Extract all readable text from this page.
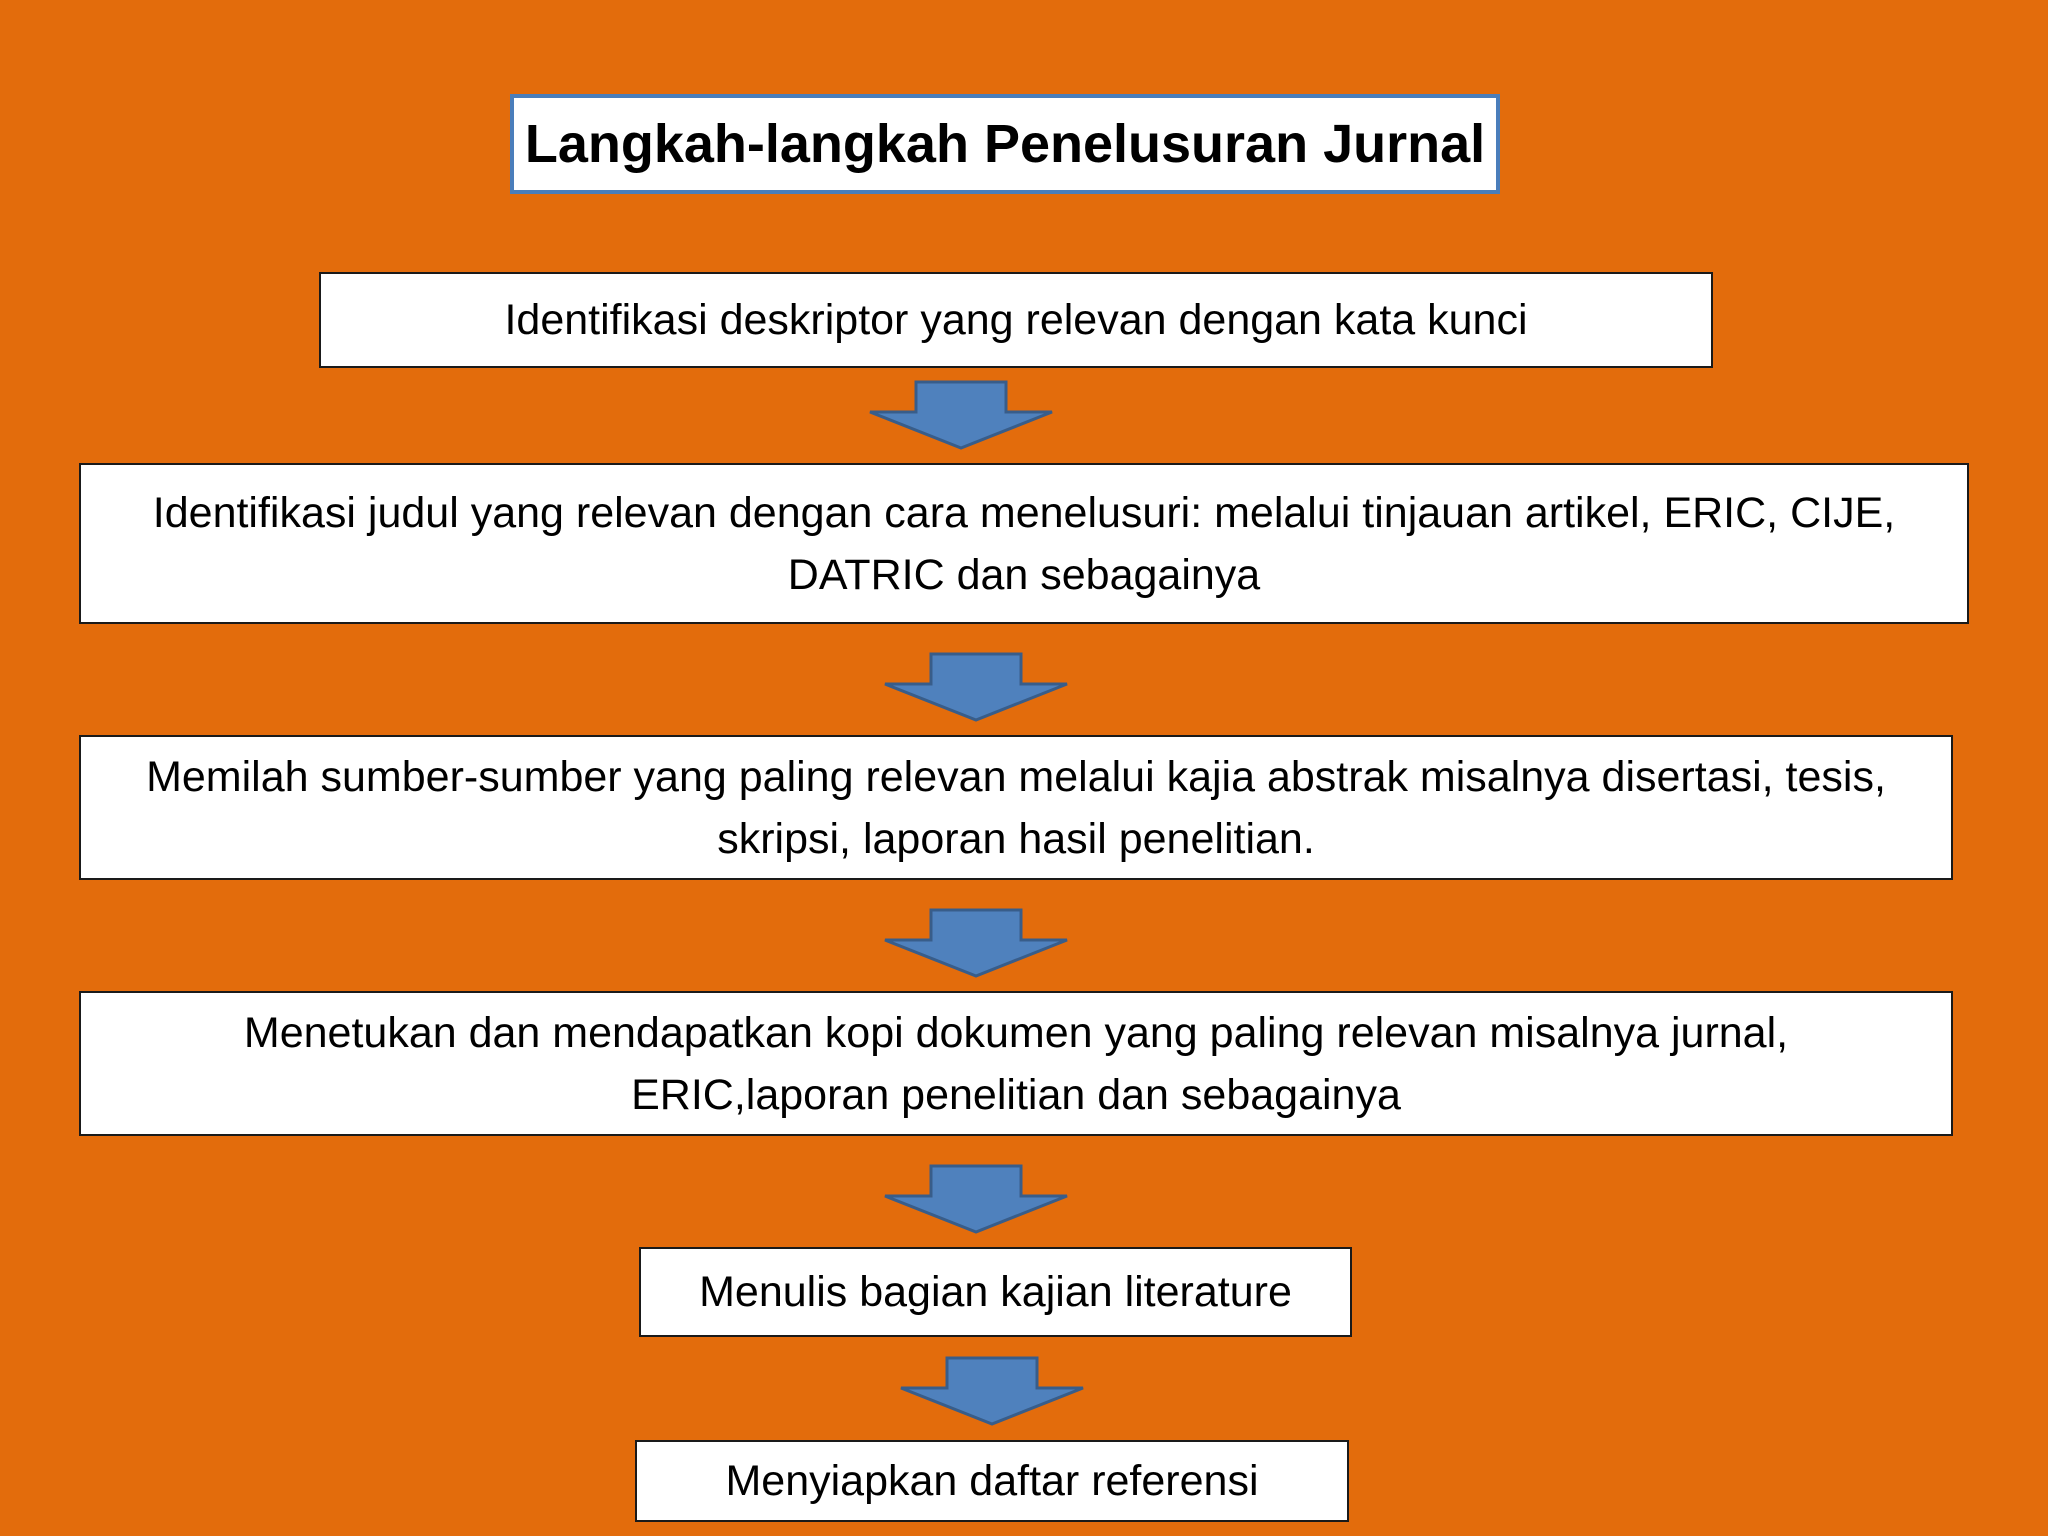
Langkah-langkah Penelusuran Jurnal
Identifikasi deskriptor yang relevan dengan kata kunci
Identifikasi judul yang relevan dengan cara menelusuri: melalui tinjauan artikel, ERIC, CIJE, DATRIC dan sebagainya
Memilah sumber-sumber yang paling relevan melalui kajia abstrak misalnya disertasi, tesis, skripsi, laporan hasil penelitian.
Menetukan dan mendapatkan kopi dokumen yang paling relevan misalnya jurnal, ERIC,laporan penelitian dan sebagainya
Menulis bagian kajian literature
Menyiapkan daftar referensi
